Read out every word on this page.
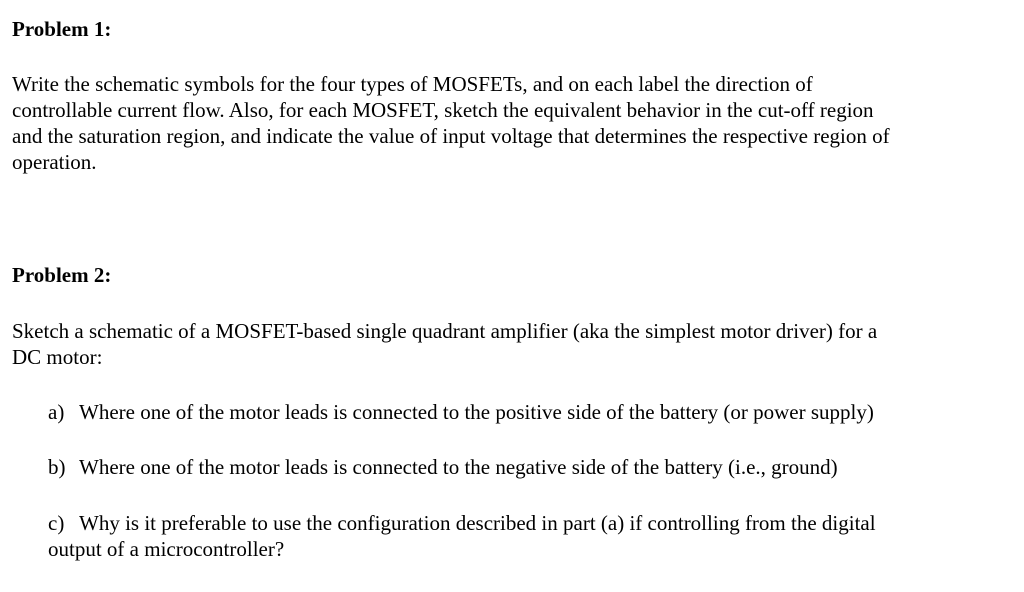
Problem 1:
Write the schematic symbols for the four types of MOSFETs, and on each label the direction of
controllable current flow. Also, for each MOSFET, sketch the equivalent behavior in the cut-off region
and the saturation region, and indicate the value of input voltage that determines the respective region of
operation.
Problem 2:
Sketch a schematic of a MOSFET-based single quadrant amplifier (aka the simplest motor driver) for a
DC motor:
a) Where one of the motor leads is connected to the positive side of the battery (or power supply)
b) Where one of the motor leads is connected to the negative side of the battery (i.e., ground)
c) Why is it preferable to use the configuration described in part (a) if controlling from the digital
output of a microcontroller?
